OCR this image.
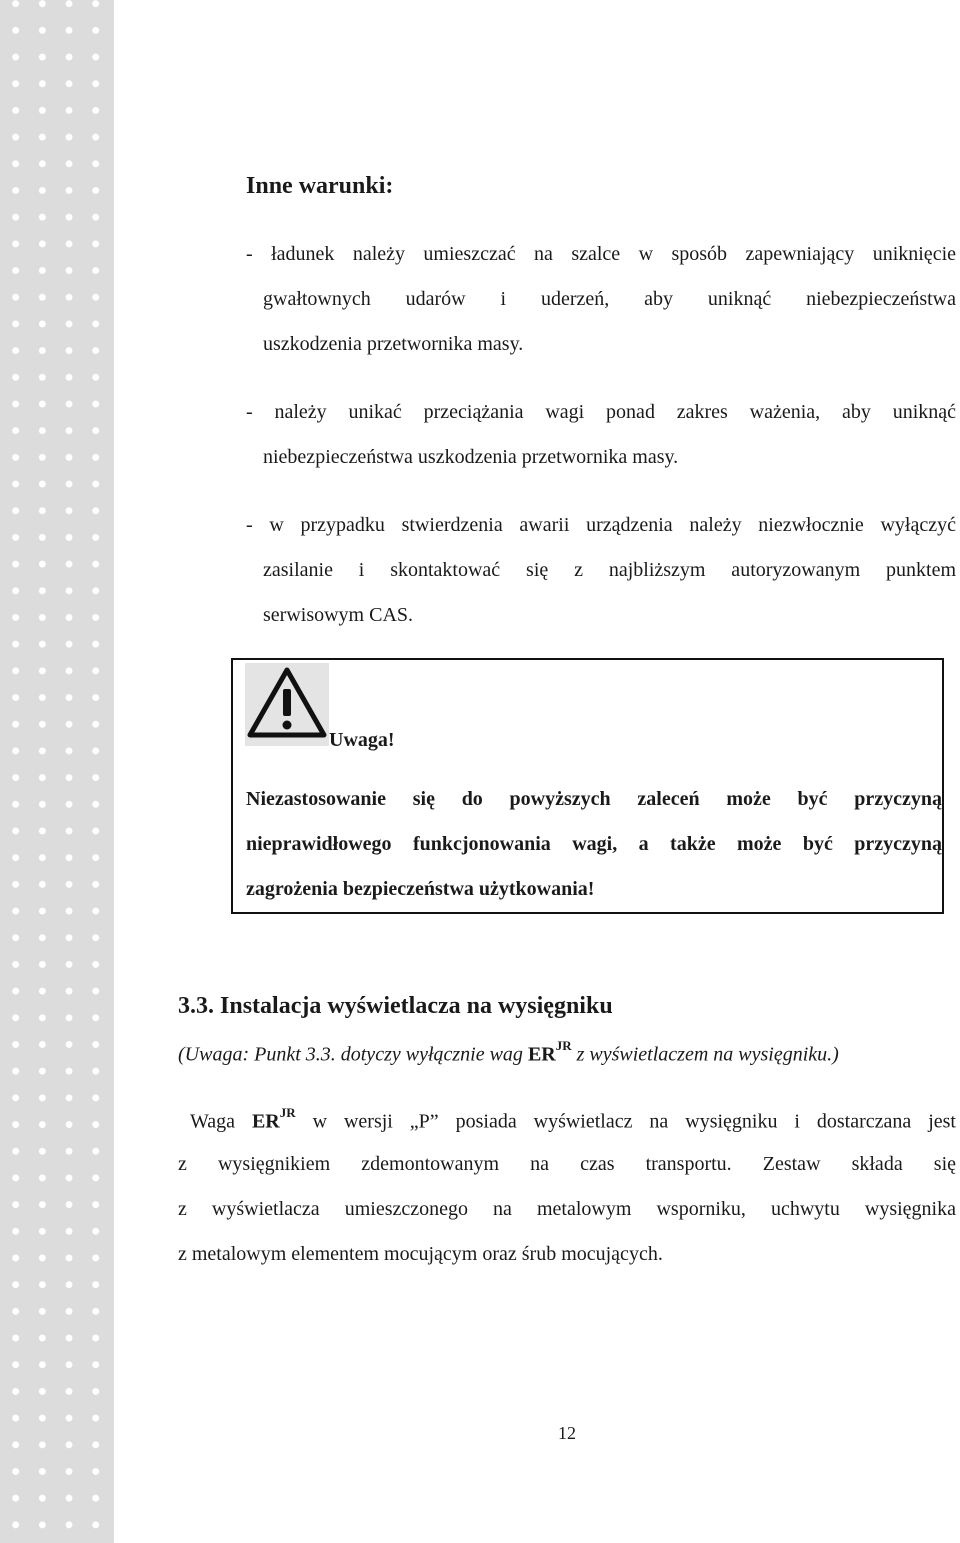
Inne warunki:
- ładunek należy umieszczać na szalce w sposób zapewniający uniknięcie
gwałtownych udarów i uderzeń, aby uniknąć niebezpieczeństwa
uszkodzenia przetwornika masy.
- należy unikać przeciążania wagi ponad zakres ważenia, aby uniknąć
niebezpieczeństwa uszkodzenia przetwornika masy.
- w przypadku stwierdzenia awarii urządzenia należy niezwłocznie wyłączyć
zasilanie i skontaktować się z najbliższym autoryzowanym punktem
serwisowym CAS.
Uwaga!
Niezastosowanie się do powyższych zaleceń może być przyczyną
nieprawidłowego funkcjonowania wagi, a także może być przyczyną
zagrożenia bezpieczeństwa użytkowania!
3.3. Instalacja wyświetlacza na wysięgniku
(Uwaga: Punkt 3.3. dotyczy wyłącznie wag $ER^{JR}$ z wyświetlaczem na wysięgniku.)
Waga $ER^{JR}$ w wersji „P” posiada wyświetlacz na wysięgniku i dostarczana jest
z wysięgnikiem zdemontowanym na czas transportu. Zestaw składa się
z wyświetlacza umieszczonego na metalowym wsporniku, uchwytu wysięgnika
z metalowym elementem mocującym oraz śrub mocujących.
12
